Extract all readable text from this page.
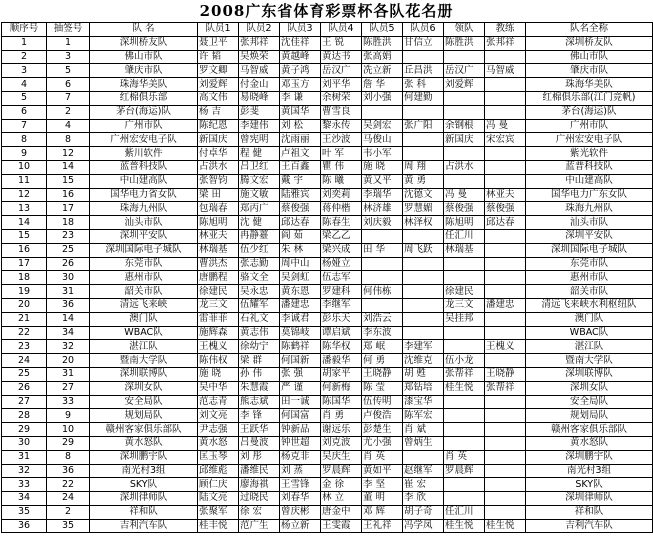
2008广东省体育彩票杯各队花名册
顺序号	抽签号	队 名	队员1	队员2	队员3	队员4	队员5	队员6	领队	教练	队名全称
1	1	深圳桥友队	聂卫平	张邦祥	沈佳祥	王 锐	陈胜洪	甘信立	陈胜洪	张邦祥	深圳桥友队
2	3	佛山市队	许 韬	吴焕荣	黄越峰	黄达书	张高娟				佛山市队
3	5	肇庆市队	罗文卿	马智威	黄子鸿	岳汉广	冼立新	丘昌洪	岳汉广	马智威	肇庆市队
4	6	珠海华美队	刘爱辉	付金山	邓玉方	刘平华	詹 华	张 科	刘爱辉		珠海华美队
5	7	红棉俱乐部	高文伟	易晓峰	李 谦	余树荣	刘小强	何建勤			红棉俱乐部(江门竞帆)
6	2	茅台(海运)队	杨 吉	彭斐	黄国华	曹雪良					茅台(海运)队
7	4	广州市队	陈纪恩	李建伟	刘 松	黎永传	吴剑宏	张广阳	余钢根	冯 曼	广州市队
8	8	广州宏安电子队	新国庆	曾宪明	沈雨丽	王沙波	马俊山		新国庆	宋宏宾	广州宏安电子队
9	12	紫川软件	付卓华	程 健	卢祖文	叶 军	韦小军				紫光软件
10	14	蓝普科技队	占洪水	吕卫红	王百鑫	瞿 伟	施 晓	周 翔	占洪水		蓝普科技队
11	15	中山建高队	张智钧	腾文宏	戴 宇	陈 曦	黄又平	黄 勇			中山建高队
12	16	国华电力省女队	梁 田	施文敏	陆雅宾	刘奕莉	李瑞华	沈德文	冯 曼	林亚夫	国华电力广东女队
13	17	珠海九州队	包瑞春	郑丙广	蔡俊强	蒋仲楷	林济雄	罗慧媚	蔡俊强	蔡俊强	珠海九州队
14	18	汕头市队	陈旭明	沈 健	邱达春	陈春生	刘庆毅	林泽权	陈旭明	邱达春	汕头市队
15	23	深圳平安队	林亚夫	冉静薹	阎 茹	梁乙乙			任汇川		深圳平安队
16	25	深圳国际电子城队	林瑞基	伍少红	朱 林	梁兴成	田 华	周飞跃	林瑞基		深圳国际电子城队
17	26	东莞市队	曹洪杰	张志勤	周中山	杨娅立					东莞市队
18	30	惠州市队	唐鹏程	骆文全	吴剑虹	伍志军					惠州市队
19	31	韶关市队	徐建民	吴永忠	黄东恩	罗建科	何伟栋		徐建民		韶关市队
20	36	清远飞来峡	龙三文	伍耀军	潘建忠	李继军			龙三文	潘建忠	清远飞来峡水利枢纽队
21	14	澳门队	雷菲菲	石礼文	李诚君	彭乐天	刘浩云		吴挂邦		澳门队
22	34	WBAC队	施辉森	黄志伟	莫锦岐	谭启斌	李东波				WBAC队
23	32	湛江队	王槐义	徐幼宁	陈鹤祥	陈华权	郑 岷	李建军		王槐义	湛江队
24	20	暨南大学队	陈伟权	梁 群	何国新	潘毅华	何 勇	沈维克	伍小龙		暨南大学队
25	31	深圳联博队	施 晓	孙 伟	张 强	胡家平	王晓静	胡 甦	张帮祥	王晓静	深圳联博队
26	27	深圳女队	吴中华	朱慧霞	严 谨	何新梅	陈 莹	郑钻培	桂生悦	张帮祥	深圳女队
27	33	安全局队	范志青	熊志斌	田一诚	陈国华	伍传明	漆宝华			安全局队
28	9	规划局队	刘文亮	李 锋	何国富	肖 勇	卢俊浩	陈军宏			规划局队
29	10	赣州客家俱乐部队	尹志强	王跃华	钟新品	谢远乐	彭楚生	肖 斌			赣州客家俱乐部队
30	29	黄水怒队	黄水怒	吕曼波	钟世超	刘克波	尤小强	曾炳生			黄水怒队
31	8	深圳鹏宇队	匡玉琴	刘 彤	杨克非	吴庆生	肖 英		肖 英		深圳鹏宇队
32	36	南光村3组	邱维彪	潘维民	刘 蒸	罗晨辉	黄如平	赵继军	罗晨辉		南光村3组
33	22	SKY队	顾仁庆	廖海祺	王雪锋	金 徐	李 坚	崔 宏			SKY队
34	24	深圳律师队	陆文亮	过晓民	刘春华	林 立	董 明	李 欣			深圳律师队
35	2	祥和队	张聚军	徐 宏	曾庆彬	唐金中	邓 辉	胡子奇	任汇川		祥和队
36	35	吉利汽车队	桂丰悦	范广生	杨立新	王雯霞	王礼祥	冯学凤	桂生悦	桂生悦	吉利汽车队
